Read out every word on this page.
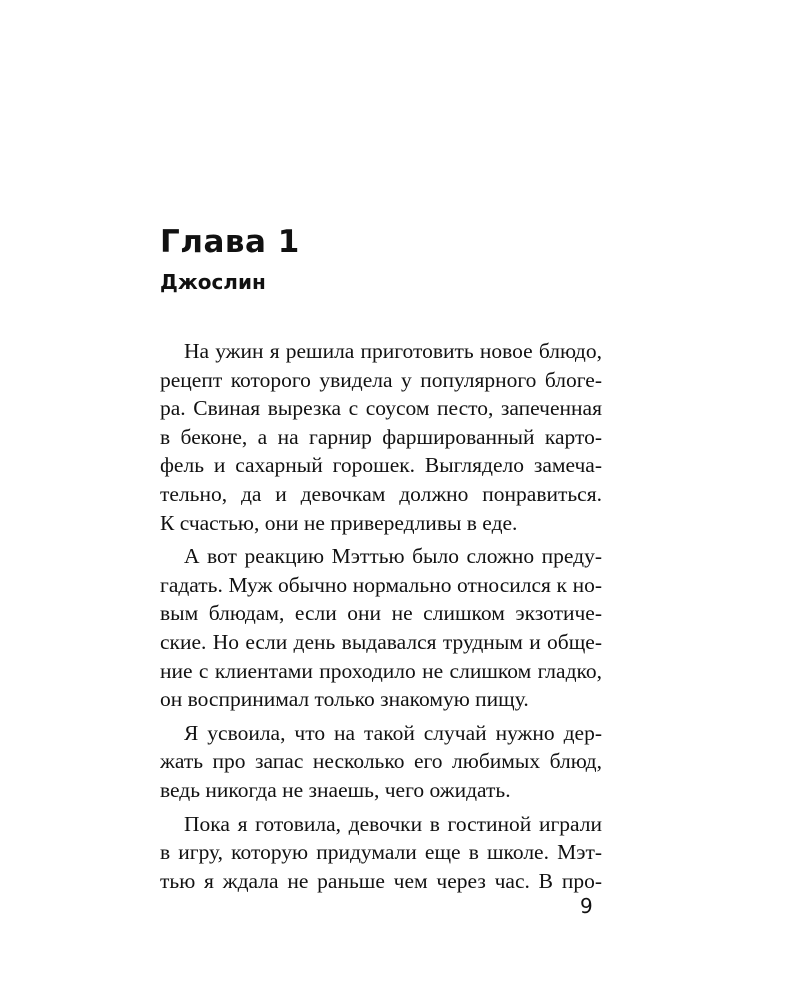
Глава 1
Джослин
На ужин я решила приготовить новое блюдо,
рецепт которого увидела у популярного блоге-
ра. Свиная вырезка с соусом песто, запеченная
в беконе, а на гарнир фаршированный карто-
фель и сахарный горошек. Выглядело замеча-
тельно, да и девочкам должно понравиться.
К счастью, они не привередливы в еде.
А вот реакцию Мэттью было сложно преду-
гадать. Муж обычно нормально относился к но-
вым блюдам, если они не слишком экзотиче-
ские. Но если день выдавался трудным и обще-
ние с клиентами проходило не слишком гладко,
он воспринимал только знакомую пищу.
Я усвоила, что на такой случай нужно дер-
жать про запас несколько его любимых блюд,
ведь никогда не знаешь, чего ожидать.
Пока я готовила, девочки в гостиной играли
в игру, которую придумали еще в школе. Мэт-
тью я ждала не раньше чем через час. В про-
9
